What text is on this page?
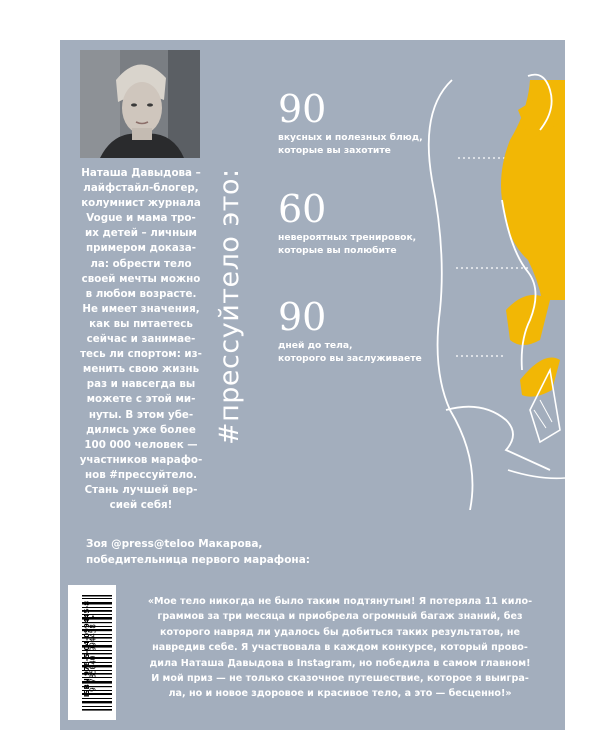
Наташа Давыдова –
лайфстайл-блогер,
колумнист журнала
Vogue и мама тро-
их детей – личным
примером доказа-
ла: обрести тело
своей мечты можно
в любом возрасте.
Не имеет значения,
как вы питаетесь
сейчас и занимае-
тесь ли спортом: из-
менить свою жизнь
раз и навсегда вы
можете с этой ми-
нуты. В этом убе-
дились уже более
100 000 человек —
участников марафо-
нов #прессуйтело.
Стань лучшей вер-
сией себя!

#прессуйтело это:
90
вкусных и полезных блюд,
которые вы захотите
60
невероятных тренировок,
которые вы полюбите
90
дней до тела,
которого вы заслуживаете
Зоя @press@teloo Макарова,
победительница первого марафона:
ISBN 978-5-04-099445-8
9 785040 994458 >

«Мое тело никогда не было таким подтянутым! Я потеряла 11 кило-
граммов за три месяца и приобрела огромный багаж знаний, без
которого навряд ли удалось бы добиться таких результатов, не
навредив себе. Я участвовала в каждом конкурсе, который прово-
дила Наташа Давыдова в Instagram, но победила в самом главном!
И мой приз — не только сказочное путешествие, которое я выигра-
ла, но и новое здоровое и красивое тело, а это — бесценно!»
